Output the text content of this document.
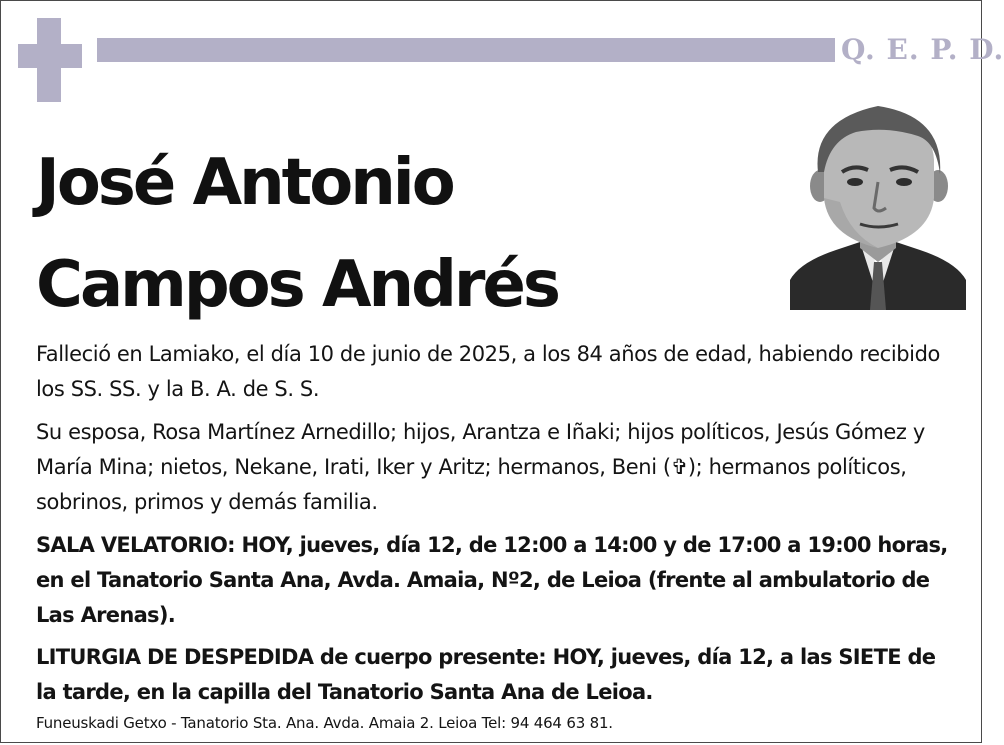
Q. E. P. D.
José Antonio
Campos Andrés

Falleció en Lamiako, el día 10 de junio de 2025, a los 84 años de edad, habiendo recibido los SS. SS. y la B. A. de S. S.

Su esposa, Rosa Martínez Arnedillo; hijos, Arantza e Iñaki; hijos políticos, Jesús Gómez y María Mina; nietos, Nekane, Irati, Iker y Aritz; hermanos, Beni (✞); hermanos políticos, sobrinos, primos y demás familia.

SALA VELATORIO: HOY, jueves, día 12, de 12:00 a 14:00 y de 17:00 a 19:00 horas, en el Tanatorio Santa Ana, Avda. Amaia, Nº2, de Leioa (frente al ambulatorio de Las Arenas).

LITURGIA DE DESPEDIDA de cuerpo presente: HOY, jueves, día 12, a las SIETE de la tarde, en la capilla del Tanatorio Santa Ana de Leioa.

Funeuskadi Getxo - Tanatorio Sta. Ana. Avda. Amaia 2. Leioa Tel: 94 464 63 81.
